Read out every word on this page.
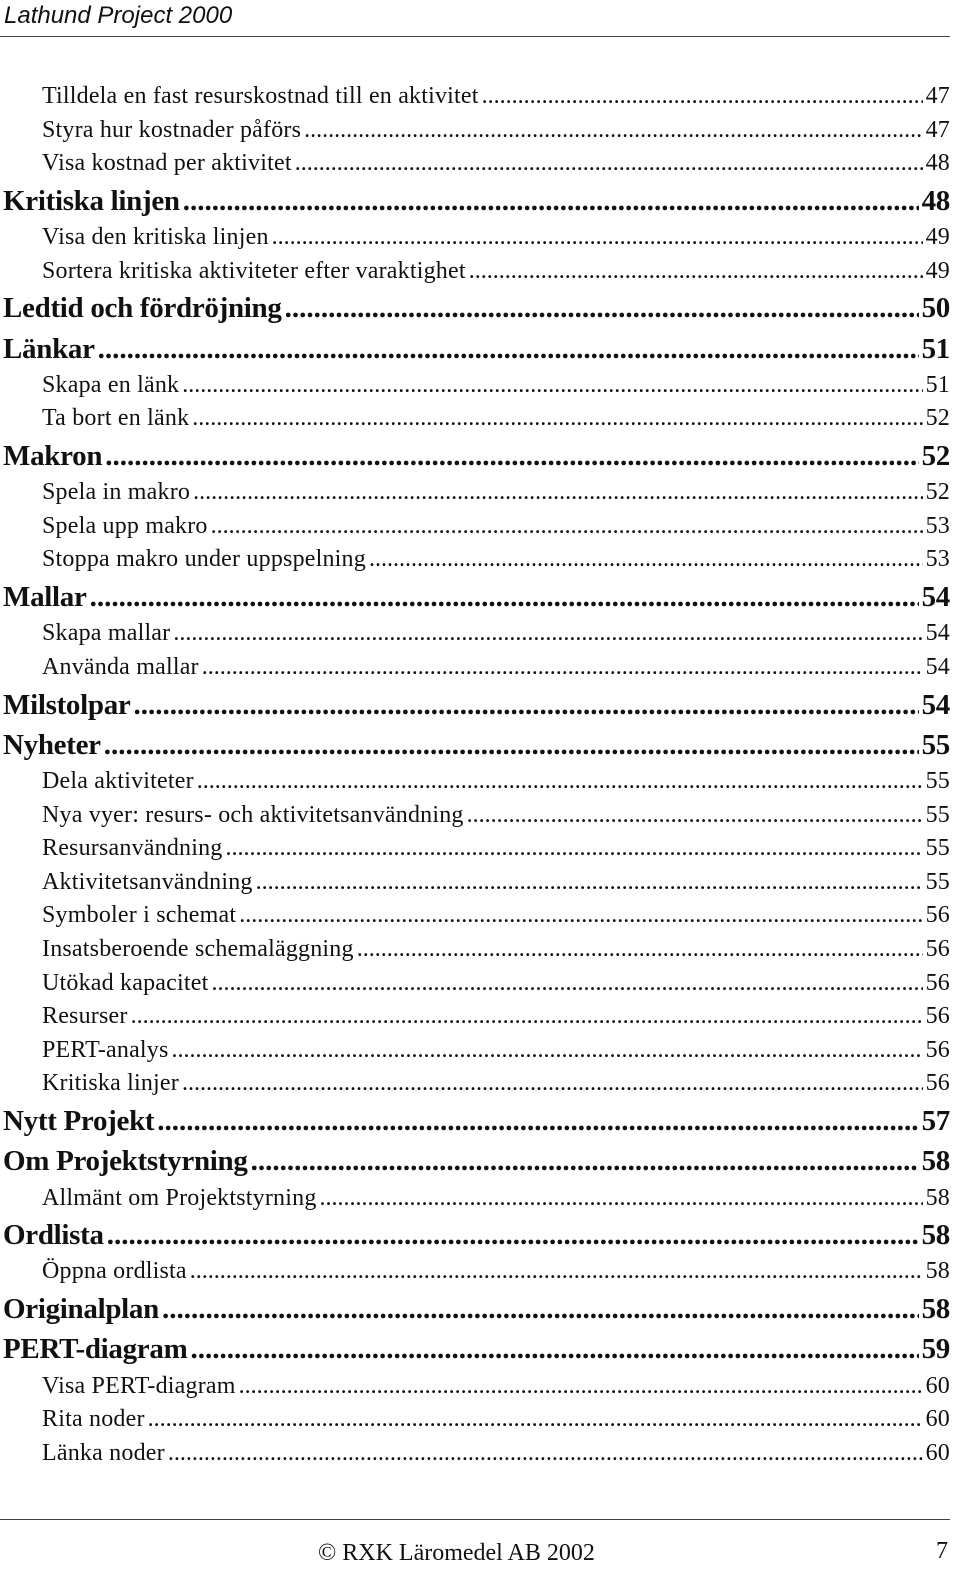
Lathund Project 2000
Tilldela en fast resurskostnad till en aktivitet .....	47
Styra hur kostnader påförs .....	47
Visa kostnad per aktivitet .....	48
Kritiska linjen .....	48
Visa den kritiska linjen .....	49
Sortera kritiska aktiviteter efter varaktighet .....	49
Ledtid och fördröjning .....	50
Länkar .....	51
Skapa en länk .....	51
Ta bort en länk .....	52
Makron .....	52
Spela in makro .....	52
Spela upp makro .....	53
Stoppa makro under uppspelning .....	53
Mallar .....	54
Skapa mallar .....	54
Använda mallar .....	54
Milstolpar .....	54
Nyheter .....	55
Dela aktiviteter .....	55
Nya vyer: resurs- och aktivitetsanvändning .....	55
Resursanvändning .....	55
Aktivitetsanvändning .....	55
Symboler i schemat .....	56
Insatsberoende schemaläggning .....	56
Utökad kapacitet .....	56
Resurser .....	56
PERT-analys .....	56
Kritiska linjer .....	56
Nytt Projekt .....	57
Om Projektstyrning .....	58
Allmänt om Projektstyrning .....	58
Ordlista .....	58
Öppna ordlista .....	58
Originalplan .....	58
PERT-diagram .....	59
Visa PERT-diagram .....	60
Rita noder .....	60
Länka noder .....	60
© RXK Läromedel AB 2002	7
